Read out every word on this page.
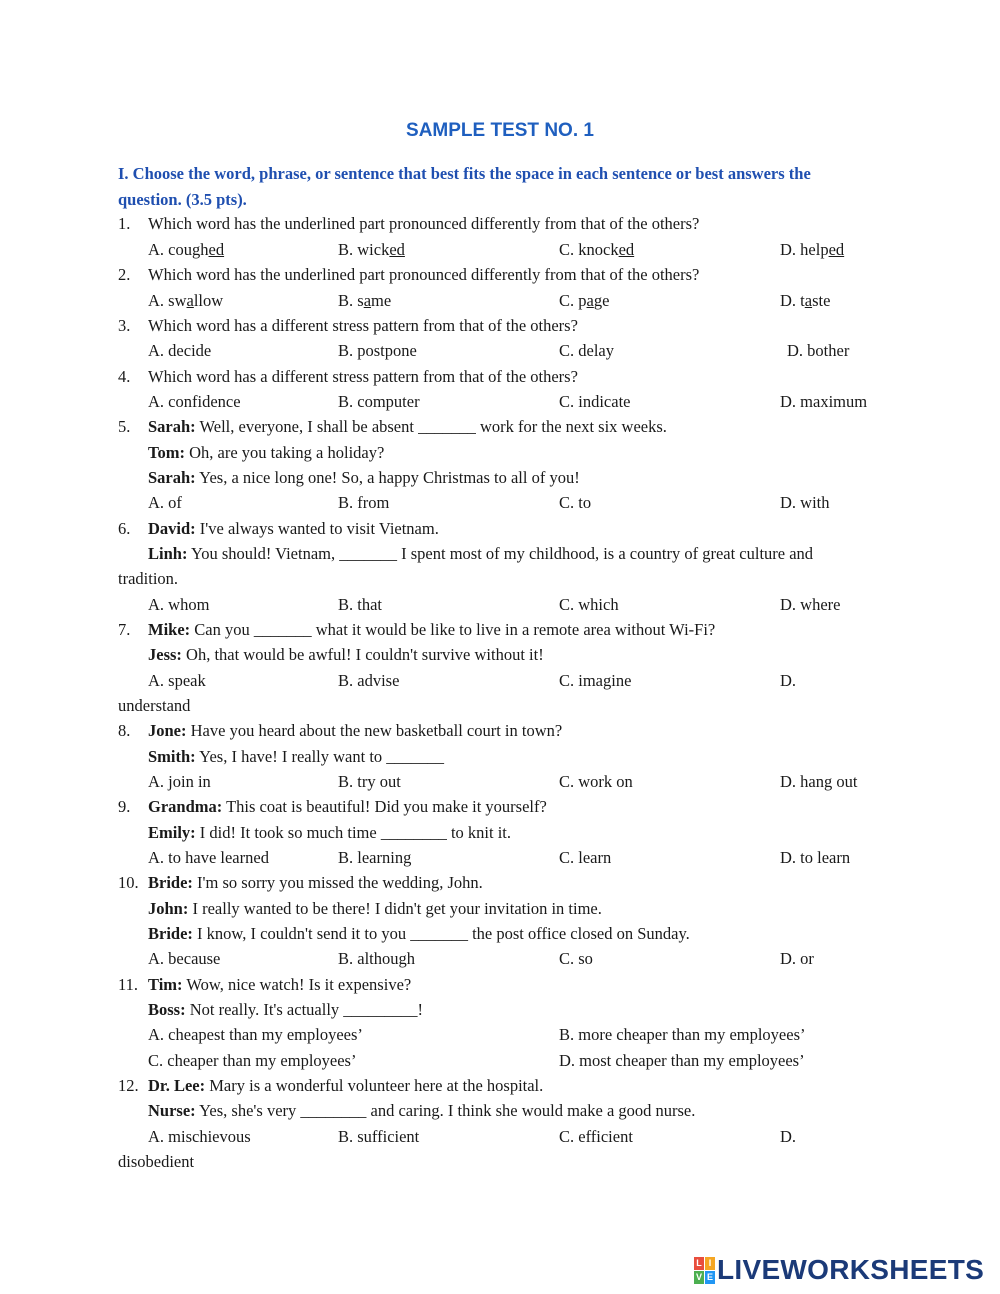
SAMPLE TEST NO. 1
I. Choose the word, phrase, or sentence that best fits the space in each sentence or best answers the question. (3.5 pts).
1. Which word has the underlined part pronounced differently from that of the others?
A. coughed	B. wicked	C. knocked	D. helped
2. Which word has the underlined part pronounced differently from that of the others?
A. swallow	B. same	C. page	D. taste
3. Which word has a different stress pattern from that of the others?
A. decide	B. postpone	C. delay	D. bother
4. Which word has a different stress pattern from that of the others?
A. confidence	B. computer	C. indicate	D. maximum
5. Sarah: Well, everyone, I shall be absent _______ work for the next six weeks.
Tom: Oh, are you taking a holiday?
Sarah: Yes, a nice long one! So, a happy Christmas to all of you!
A. of	B. from	C. to	D. with
6. David: I've always wanted to visit Vietnam.
Linh: You should! Vietnam, _______ I spent most of my childhood, is a country of great culture and
tradition.
A. whom	B. that	C. which	D. where
7. Mike: Can you _______ what it would be like to live in a remote area without Wi-Fi?
Jess: Oh, that would be awful! I couldn't survive without it!
A. speak	B. advise	C. imagine	D.
understand
8. Jone: Have you heard about the new basketball court in town?
Smith: Yes, I have! I really want to _______
A. join in	B. try out	C. work on	D. hang out
9. Grandma: This coat is beautiful! Did you make it yourself?
Emily: I did! It took so much time ________ to knit it.
A. to have learned	B. learning	C. learn	D. to learn
10. Bride: I'm so sorry you missed the wedding, John.
John: I really wanted to be there! I didn't get your invitation in time.
Bride: I know, I couldn't send it to you _______ the post office closed on Sunday.
A. because	B. although	C. so	D. or
11. Tim: Wow, nice watch! Is it expensive?
Boss: Not really. It's actually _________!
A. cheapest than my employees’	B. more cheaper than my employees’
C. cheaper than my employees’	D. most cheaper than my employees’
12. Dr. Lee: Mary is a wonderful volunteer here at the hospital.
Nurse: Yes, she's very ________ and caring. I think she would make a good nurse.
A. mischievous	B. sufficient	C. efficient	D.
disobedient
L I
V E LIVEWORKSHEETS
